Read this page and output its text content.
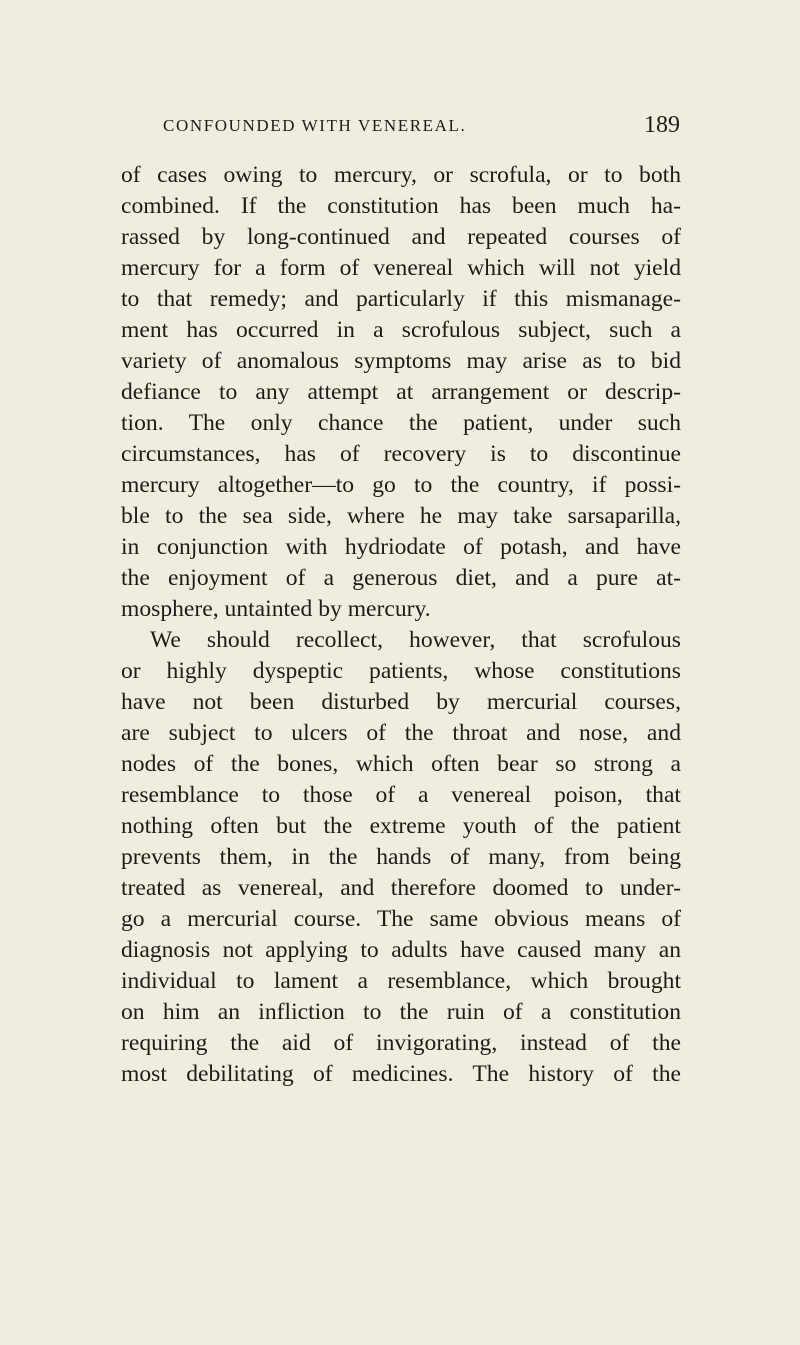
CONFOUNDED WITH VENEREAL.	189
of cases owing to mercury, or scrofula, or to both
combined. If the constitution has been much ha-
rassed by long-continued and repeated courses of
mercury for a form of venereal which will not yield
to that remedy; and particularly if this mismanage-
ment has occurred in a scrofulous subject, such a
variety of anomalous symptoms may arise as to bid
defiance to any attempt at arrangement or descrip-
tion. The only chance the patient, under such
circumstances, has of recovery is to discontinue
mercury altogether—to go to the country, if possi-
ble to the sea side, where he may take sarsaparilla,
in conjunction with hydriodate of potash, and have
the enjoyment of a generous diet, and a pure at-
mosphere, untainted by mercury.
We should recollect, however, that scrofulous
or highly dyspeptic patients, whose constitutions
have not been disturbed by mercurial courses,
are subject to ulcers of the throat and nose, and
nodes of the bones, which often bear so strong a
resemblance to those of a venereal poison, that
nothing often but the extreme youth of the patient
prevents them, in the hands of many, from being
treated as venereal, and therefore doomed to under-
go a mercurial course. The same obvious means of
diagnosis not applying to adults have caused many an
individual to lament a resemblance, which brought
on him an infliction to the ruin of a constitution
requiring the aid of invigorating, instead of the
most debilitating of medicines. The history of the
